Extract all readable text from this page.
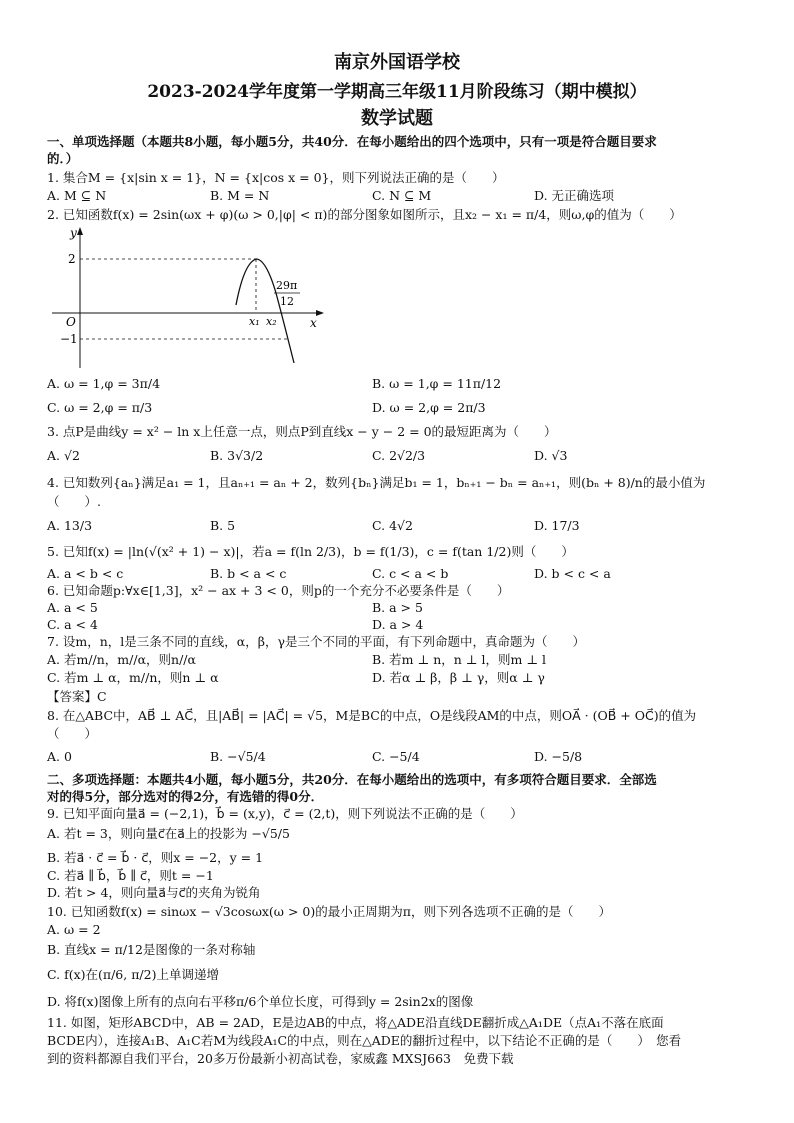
南京外国语学校
2023-2024学年度第一学期高三年级11月阶段练习（期中模拟）
数学试题
一、单项选择题（本题共8小题，每小题5分，共40分．在每小题给出的四个选项中，只有一项是符合题目要求
的．）
1. 集合M = {x|sin x = 1}，N = {x|cos x = 0}，则下列说法正确的是（　　）
A. M ⊆ N	B. M = N	C. N ⊆ M	D. 无正确选项
2. 已知函数f(x) = 2sin(ωx + φ)(ω > 0,|φ| < π)的部分图象如图所示，且x₂ − x₁ = π/4，则ω,φ的值为（　　）
y
x
O
2
−1
x₁ x₂
29π
12
A. ω = 1,φ = 3π/4	B. ω = 1,φ = 11π/12
C. ω = 2,φ = π/3	D. ω = 2,φ = 2π/3
3. 点P是曲线y = x² − ln x上任意一点，则点P到直线x − y − 2 = 0的最短距离为（　　）
A. √2	B. 3√3/2	C. 2√2/3	D. √3
4. 已知数列{aₙ}满足a₁ = 1，且aₙ₊₁ = aₙ + 2，数列{bₙ}满足b₁ = 1，bₙ₊₁ − bₙ = aₙ₊₁，则(bₙ + 8)/n的最小值为
（　　）.
A. 13/3	B. 5	C. 4√2	D. 17/3
5. 已知f(x) = |ln(√(x² + 1) − x)|，若a = f(ln 2/3)，b = f(1/3)，c = f(tan 1/2)则（　　）
A. a < b < c	B. b < a < c	C. c < a < b	D. b < c < a
6. 已知命题p:∀x∈[1,3]，x² − ax + 3 < 0，则p的一个充分不必要条件是（　　）
A. a < 5	B. a > 5
C. a < 4	D. a > 4
7. 设m，n，l是三条不同的直线，α，β，γ是三个不同的平面，有下列命题中，真命题为（　　）
A. 若m//n，m//α，则n//α	B. 若m ⊥ n，n ⊥ l，则m ⊥ l
C. 若m ⊥ α，m//n，则n ⊥ α	D. 若α ⊥ β，β ⊥ γ，则α ⊥ γ
【答案】C
8. 在△ABC中，AB⃗ ⊥ AC⃗，且|AB⃗| = |AC⃗| = √5，M是BC的中点，O是线段AM的中点，则OA⃗ · (OB⃗ + OC⃗)的值为
（　　）
A. 0	B. −√5/4	C. −5/4	D. −5/8
二、多项选择题：本题共4小题，每小题5分，共20分．在每小题给出的选项中，有多项符合题目要求．全部选
对的得5分，部分选对的得2分，有选错的得0分．
9. 已知平面向量a⃗ = (−2,1)，b⃗ = (x,y)，c⃗ = (2,t)，则下列说法不正确的是（　　）
A. 若t = 3，则向量c⃗在a⃗上的投影为 −√5/5
B. 若a⃗ · c⃗ = b⃗ · c⃗，则x = −2，y = 1
C. 若a⃗ ∥ b⃗，b⃗ ∥ c⃗，则t = −1
D. 若t > 4，则向量a⃗与c⃗的夹角为锐角
10. 已知函数f(x) = sinωx − √3cosωx(ω > 0)的最小正周期为π，则下列各选项不正确的是（　　）
A. ω = 2
B. 直线x = π/12是图像的一条对称轴
C. f(x)在(π/6, π/2)上单调递增
D. 将f(x)图像上所有的点向右平移π/6个单位长度，可得到y = 2sin2x的图像
11. 如图，矩形ABCD中，AB = 2AD，E是边AB的中点，将△ADE沿直线DE翻折成△A₁DE（点A₁不落在底面
BCDE内），连接A₁B、A₁C若M为线段A₁C的中点，则在△ADE的翻折过程中，以下结论不正确的是（　　）　您看
到的资料都源自我们平台，20多万份最新小初高试卷，家威鑫 MXSJ663　免费下载
